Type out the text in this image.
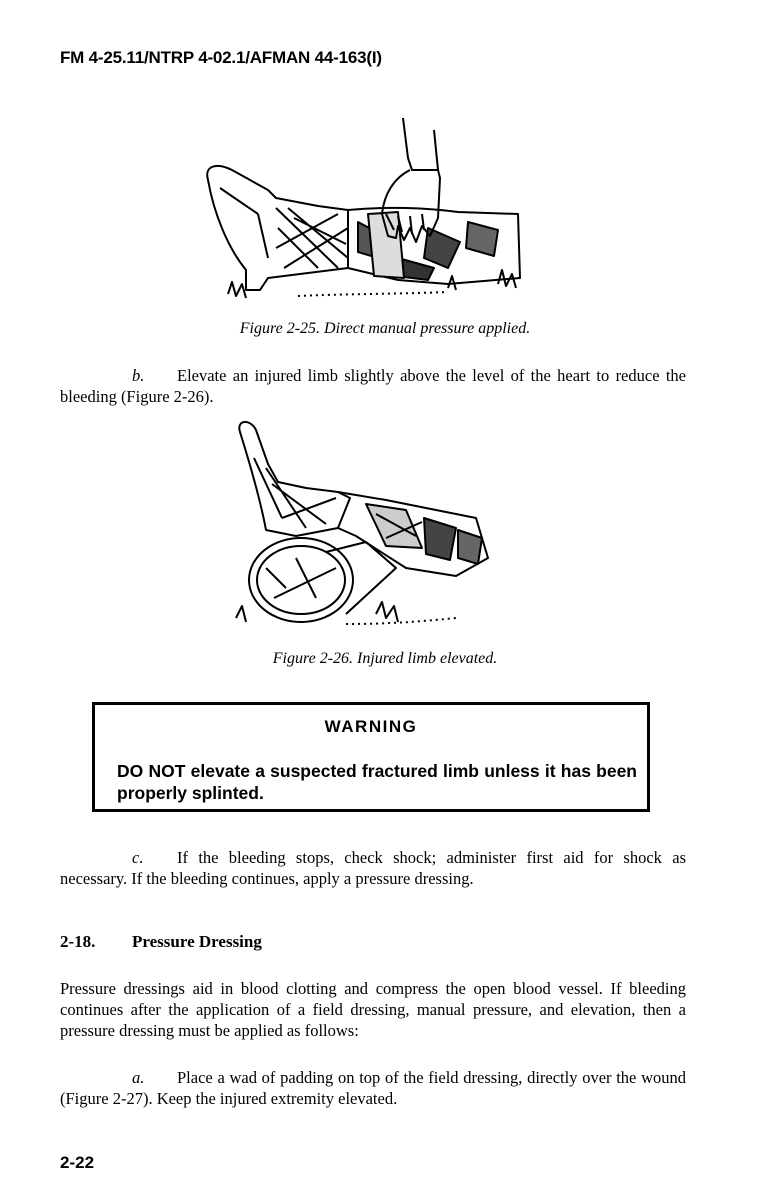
FM 4-25.11/NTRP 4-02.1/AFMAN 44-163(I)
Figure 2-25. Direct manual pressure applied.
b. Elevate an injured limb slightly above the level of the heart to reduce the bleeding (Figure 2-26).
Figure 2-26. Injured limb elevated.
WARNING
DO NOT elevate a suspected fractured limb unless it has been properly splinted.
c. If the bleeding stops, check shock; administer first aid for shock as necessary. If the bleeding continues, apply a pressure dressing.
2-18. Pressure Dressing
Pressure dressings aid in blood clotting and compress the open blood vessel. If bleeding continues after the application of a field dressing, manual pressure, and elevation, then a pressure dressing must be applied as follows:
a. Place a wad of padding on top of the field dressing, directly over the wound (Figure 2-27). Keep the injured extremity elevated.
2-22
